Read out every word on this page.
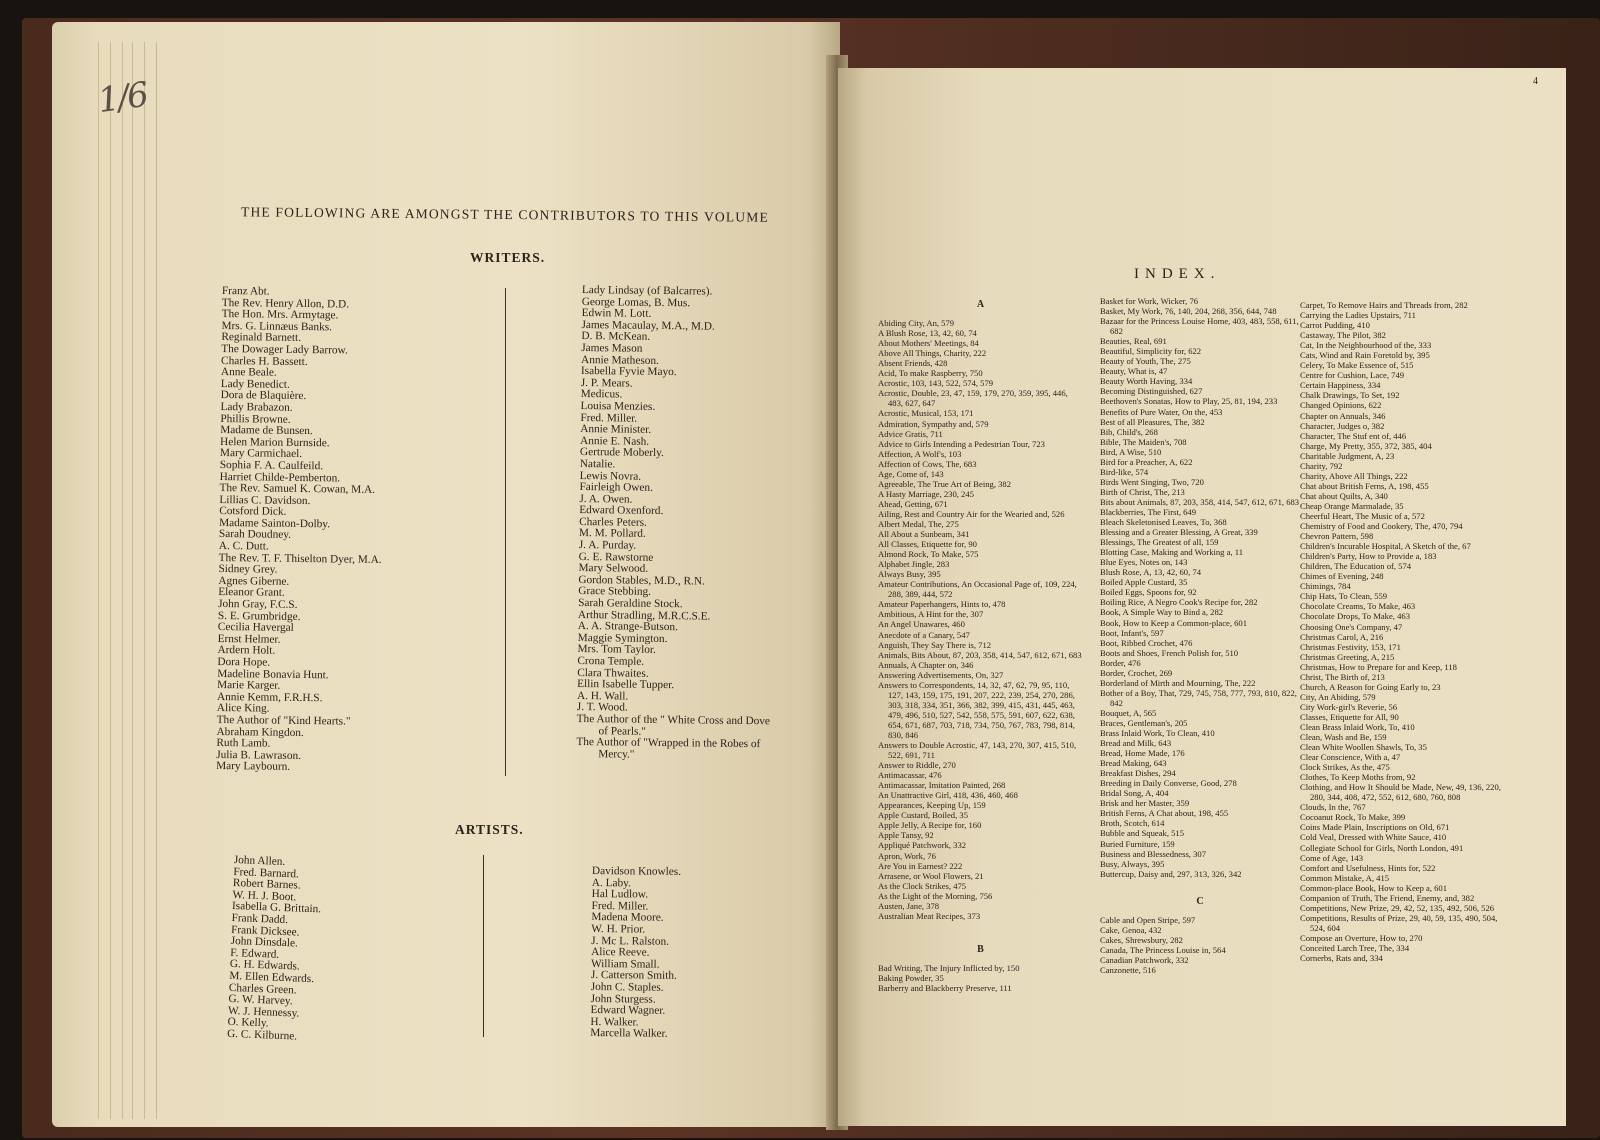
1/6
THE FOLLOWING ARE AMONGST THE CONTRIBUTORS TO THIS VOLUME
WRITERS.
Franz Abt.
The Rev. Henry Allon, D.D.
The Hon. Mrs. Armytage.
Mrs. G. Linnæus Banks.
Reginald Barnett.
The Dowager Lady Barrow.
Charles H. Bassett.
Anne Beale.
Lady Benedict.
Dora de Blaquière.
Lady Brabazon.
Phillis Browne.
Madame de Bunsen.
Helen Marion Burnside.
Mary Carmichael.
Sophia F. A. Caulfeild.
Harriet Childe-Pemberton.
The Rev. Samuel K. Cowan, M.A.
Lillias C. Davidson.
Cotsford Dick.
Madame Sainton-Dolby.
Sarah Doudney.
A. C. Dutt.
The Rev. T. F. Thiselton Dyer, M.A.
Sidney Grey.
Agnes Giberne.
Eleanor Grant.
John Gray, F.C.S.
S. E. Grumbridge.
Cecilia Havergal
Ernst Helmer.
Ardern Holt.
Dora Hope.
Madeline Bonavia Hunt.
Marie Karger.
Annie Kemm, F.R.H.S.
Alice King.
The Author of "Kind Hearts."
Abraham Kingdon.
Ruth Lamb.
Julia B. Lawrason.
Mary Laybourn.
Lady Lindsay (of Balcarres).
George Lomas, B. Mus.
Edwin M. Lott.
James Macaulay, M.A., M.D.
D. B. McKean.
James Mason
Annie Matheson.
Isabella Fyvie Mayo.
J. P. Mears.
Medicus.
Louisa Menzies.
Fred. Miller.
Annie Minister.
Annie E. Nash.
Gertrude Moberly.
Natalie.
Lewis Novra.
Fairleigh Owen.
J. A. Owen.
Edward Oxenford.
Charles Peters.
M. M. Pollard.
J. A. Purday.
G. E. Rawstorne
Mary Selwood.
Gordon Stables, M.D., R.N.
Grace Stebbing.
Sarah Geraldine Stock.
Arthur Stradling, M.R.C.S.E.
A. A. Strange-Butson.
Maggie Symington.
Mrs. Tom Taylor.
Crona Temple.
Clara Thwaites.
Ellin Isabelle Tupper.
A. H. Wall.
J. T. Wood.
The Author of the " White Cross and Dove of Pearls."
The Author of "Wrapped in the Robes of Mercy."
ARTISTS.
John Allen.
Fred. Barnard.
Robert Barnes.
W. H. J. Boot.
Isabella G. Brittain.
Frank Dadd.
Frank Dicksee.
John Dinsdale.
F. Edward.
G. H. Edwards.
M. Ellen Edwards.
Charles Green.
G. W. Harvey.
W. J. Hennessy.
O. Kelly.
G. C. Kilburne.
Davidson Knowles.
A. Laby.
Hal Ludlow.
Fred. Miller.
Madena Moore.
W. H. Prior.
J. Mc L. Ralston.
Alice Reeve.
William Small.
J. Catterson Smith.
John C. Staples.
John Sturgess.
Edward Wagner.
H. Walker.
Marcella Walker.
4
INDEX.
A
Abiding City, An, 579
A Blush Rose, 13, 42, 60, 74
About Mothers' Meetings, 84
Above All Things, Charity, 222
Absent Friends, 428
Acid, To make Raspberry, 750
Acrostic, 103, 143, 522, 574, 579
Acrostic, Double, 23, 47, 159, 179, 270, 359, 395, 446, 483, 627, 647
Acrostic, Musical, 153, 171
Admiration, Sympathy and, 579
Advice Gratis, 711
Advice to Girls Intending a Pedestrian Tour, 723
Affection, A Wolf's, 103
Affection of Cows, The, 683
Age, Come of, 143
Agreeable, The True Art of Being, 382
A Hasty Marriage, 230, 245
Ahead, Getting, 671
Ailing, Rest and Country Air for the Wearied and, 526
Albert Medal, The, 275
All About a Sunbeam, 341
All Classes, Etiquette for, 90
Almond Rock, To Make, 575
Alphabet Jingle, 283
Always Busy, 395
Amateur Contributions, An Occasional Page of, 109, 224, 288, 389, 444, 572
Amateur Paperhangers, Hints to, 478
Ambitious, A Hint for the, 307
An Angel Unawares, 460
Anecdote of a Canary, 547
Anguish, They Say There is, 712
Animals, Bits About, 87, 203, 358, 414, 547, 612, 671, 683
Annuals, A Chapter on, 346
Answering Advertisements, On, 327
Answers to Correspondents, 14, 32, 47, 62, 79, 95, 110, 127, 143, 159, 175, 191, 207, 222, 239, 254, 270, 286, 303, 318, 334, 351, 366, 382, 399, 415, 431, 445, 463, 479, 496, 510, 527, 542, 558, 575, 591, 607, 622, 638, 654, 671, 687, 703, 718, 734, 750, 767, 783, 798, 814, 830, 846
Answers to Double Acrostic, 47, 143, 270, 307, 415, 510, 522, 691, 711
Answer to Riddle, 270
Antimacassar, 476
Antimacassar, Imitation Painted, 268
An Unattractive Girl, 418, 436, 460, 468
Appearances, Keeping Up, 159
Apple Custard, Boiled, 35
Apple Jelly, A Recipe for, 160
Apple Tansy, 92
Appliqué Patchwork, 332
Apron, Work, 76
Are You in Earnest? 222
Arrasene, or Wool Flowers, 21
As the Clock Strikes, 475
As the Light of the Morning, 756
Austen, Jane, 378
Australian Meat Recipes, 373
B
Bad Writing, The Injury Inflicted by, 150
Baking Powder, 35
Barberry and Blackberry Preserve, 111
Basket for Work, Wicker, 76
Basket, My Work, 76, 140, 204, 268, 356, 644, 748
Bazaar for the Princess Louise Home, 403, 483, 558, 611, 682
Beauties, Real, 691
Beautiful, Simplicity for, 622
Beauty of Youth, The, 275
Beauty, What is, 47
Beauty Worth Having, 334
Becoming Distinguished, 627
Beethoven's Sonatas, How to Play, 25, 81, 194, 233
Benefits of Pure Water, On the, 453
Best of all Pleasures, The, 382
Bib, Child's, 268
Bible, The Maiden's, 708
Bird, A Wise, 510
Bird for a Preacher, A, 622
Bird-like, 574
Birds Went Singing, Two, 720
Birth of Christ, The, 213
Bits about Animals, 87, 203, 358, 414, 547, 612, 671, 683
Blackberries, The First, 649
Bleach Skeletonised Leaves, To, 368
Blessing and a Greater Blessing, A Great, 339
Blessings, The Greatest of all, 159
Blotting Case, Making and Working a, 11
Blue Eyes, Notes on, 143
Blush Rose, A, 13, 42, 60, 74
Boiled Apple Custard, 35
Boiled Eggs, Spoons for, 92
Boiling Rice, A Negro Cook's Recipe for, 282
Book, A Simple Way to Bind a, 282
Book, How to Keep a Common-place, 601
Boot, Infant's, 597
Boot, Ribbed Crochet, 476
Boots and Shoes, French Polish for, 510
Border, 476
Border, Crochet, 269
Borderland of Mirth and Mourning, The, 222
Bother of a Boy, That, 729, 745, 758, 777, 793, 810, 822, 842
Bouquet, A, 565
Braces, Gentleman's, 205
Brass Inlaid Work, To Clean, 410
Bread and Milk, 643
Bread, Home Made, 176
Bread Making, 643
Breakfast Dishes, 294
Breeding in Daily Converse, Good, 278
Bridal Song, A, 404
Brisk and her Master, 359
British Ferns, A Chat about, 198, 455
Broth, Scotch, 614
Bubble and Squeak, 515
Buried Furniture, 159
Business and Blessedness, 307
Busy, Always, 395
Buttercup, Daisy and, 297, 313, 326, 342
C
Cable and Open Stripe, 597
Cake, Genoa, 432
Cakes, Shrewsbury, 282
Canada, The Princess Louise in, 564
Canadian Patchwork, 332
Canzonette, 516
Carpet, To Remove Hairs and Threads from, 282
Carrying the Ladies Upstairs, 711
Carrot Pudding, 410
Castaway, The Pilot, 382
Cat, In the Neighbourhood of the, 333
Cats, Wind and Rain Foretold by, 395
Celery, To Make Essence of, 515
Centre for Cushion, Lace, 749
Certain Happiness, 334
Chalk Drawings, To Set, 192
Changed Opinions, 622
Chapter on Annuals, 346
Character, Judges o, 382
Character, The Stuf ent of, 446
Charge, My Pretty, 355, 372, 385, 404
Charitable Judgment, A, 23
Charity, 792
Charity, Above All Things, 222
Chat about British Ferns, A, 198, 455
Chat about Quilts, A, 340
Cheap Orange Marmalade, 35
Cheerful Heart, The Music of a, 572
Chemistry of Food and Cookery, The, 470, 794
Chevron Pattern, 598
Children's Incurable Hospital, A Sketch of the, 67
Children's Party, How to Provide a, 183
Children, The Education of, 574
Chimes of Evening, 248
Chimings, 784
Chip Hats, To Clean, 559
Chocolate Creams, To Make, 463
Chocolate Drops, To Make, 463
Choosing One's Company, 47
Christmas Carol, A, 216
Christmas Festivity, 153, 171
Christmas Greeting, A, 215
Christmas, How to Prepare for and Keep, 118
Christ, The Birth of, 213
Church, A Reason for Going Early to, 23
City, An Abiding, 579
City Work-girl's Reverie, 56
Classes, Etiquette for All, 90
Clean Brass Inlaid Work, To, 410
Clean, Wash and Be, 159
Clean White Woollen Shawls, To, 35
Clear Conscience, With a, 47
Clock Strikes, As the, 475
Clothes, To Keep Moths from, 92
Clothing, and How It Should be Made, New, 49, 136, 220, 280, 344, 408, 472, 552, 612, 680, 760, 808
Clouds, In the, 767
Cocoanut Rock, To Make, 399
Coins Made Plain, Inscriptions on Old, 671
Cold Veal, Dressed with White Sauce, 410
Collegiate School for Girls, North London, 491
Come of Age, 143
Comfort and Usefulness, Hints for, 522
Common Mistake, A, 415
Common-place Book, How to Keep a, 601
Companion of Truth, The Friend, Enemy, and, 382
Competitions, New Prize, 29, 42, 52, 135, 492, 506, 526
Competitions, Results of Prize, 29, 40, 59, 135, 490, 504, 524, 604
Compose an Overture, How to, 270
Conceited Larch Tree, The, 334
Cornerbs, Rats and, 334
